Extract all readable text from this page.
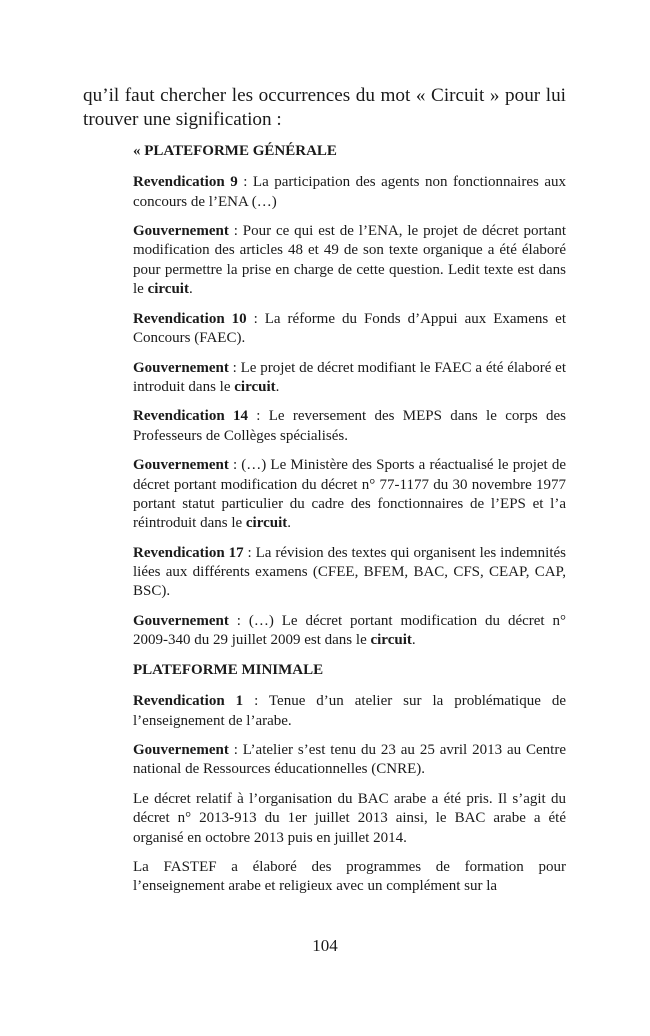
qu’il faut chercher les occurrences du mot « Circuit » pour lui trouver une signification :

« PLATEFORME GÉNÉRALE

Revendication 9 : La participation des agents non fonctionnaires aux concours de l’ENA (…)

Gouvernement : Pour ce qui est de l’ENA, le projet de décret portant modification des articles 48 et 49 de son texte organique a été élaboré pour permettre la prise en charge de cette question. Ledit texte est dans le circuit.

Revendication 10 : La réforme du Fonds d’Appui aux Examens et Concours (FAEC).

Gouvernement : Le projet de décret modifiant le FAEC a été élaboré et introduit dans le circuit.

Revendication 14 : Le reversement des MEPS dans le corps des Professeurs de Collèges spécialisés.

Gouvernement : (…) Le Ministère des Sports a réactualisé le projet de décret portant modification du décret n° 77-1177 du 30 novembre 1977 portant statut particulier du cadre des fonctionnaires de l’EPS et l’a réintroduit dans le circuit.

Revendication 17 : La révision des textes qui organisent les indemnités liées aux différents examens (CFEE, BFEM, BAC, CFS, CEAP, CAP, BSC).

Gouvernement : (…) Le décret portant modification du décret n° 2009-340 du 29 juillet 2009 est dans le circuit.

PLATEFORME MINIMALE

Revendication 1 : Tenue d’un atelier sur la problématique de l’enseignement de l’arabe.

Gouvernement : L’atelier s’est tenu du 23 au 25 avril 2013 au Centre national de Ressources éducationnelles (CNRE).

Le décret relatif à l’organisation du BAC arabe a été pris. Il s’agit du décret n° 2013-913 du 1er juillet 2013 ainsi, le BAC arabe a été organisé en octobre 2013 puis en juillet 2014.

La FASTEF a élaboré des programmes de formation pour l’enseignement arabe et religieux avec un complément sur la

104
